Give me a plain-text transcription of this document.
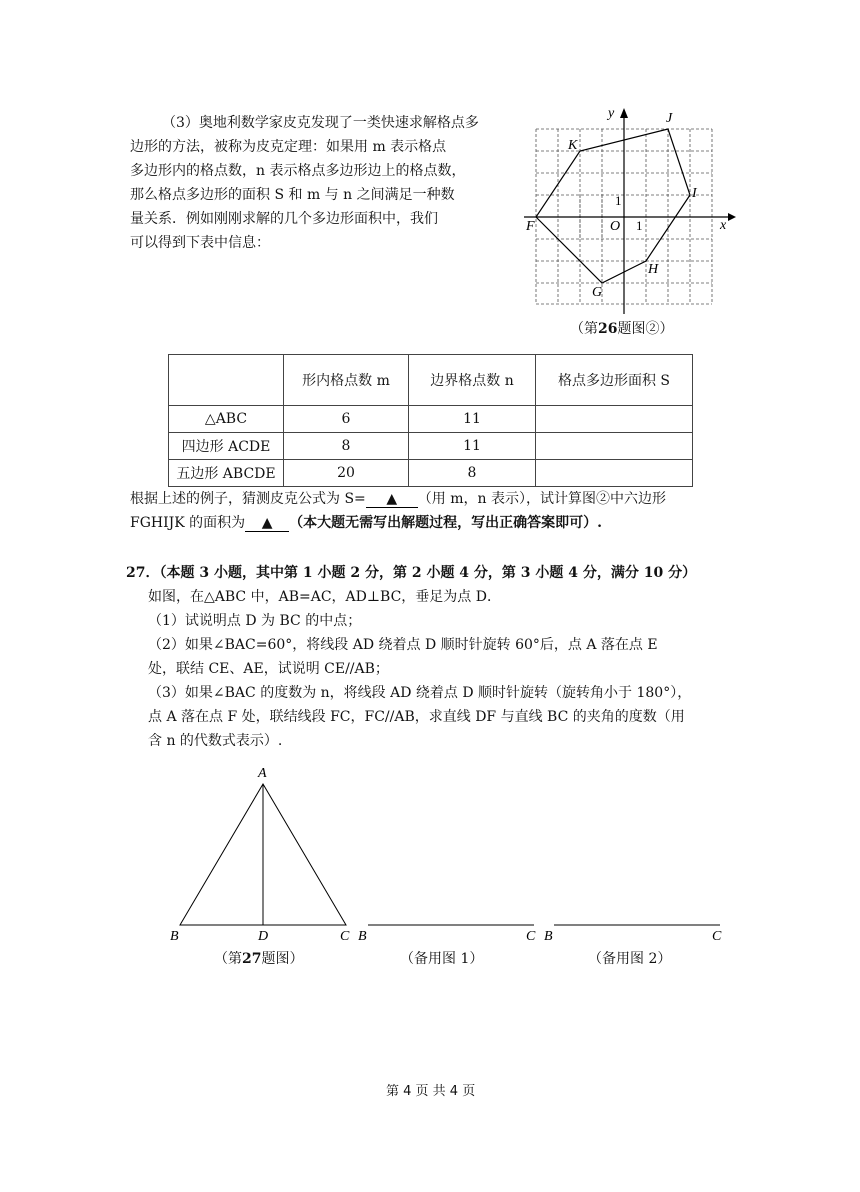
（3）奥地利数学家皮克发现了一类快速求解格点多
边形的方法，被称为皮克定理：如果用 m 表示格点
多边形内的格点数，n 表示格点多边形边上的格点数，
那么格点多边形的面积 S 和 m 与 n 之间满足一种数
量关系．例如刚刚求解的几个多边形面积中，我们
可以得到下表中信息：
y
x
O 1
1
F
G
H
I
J
K
（第26题图②）
	形内格点数 m	边界格点数 n	格点多边形面积 S
△ABC	6	11	
四边形 ACDE	8	11	
五边形 ABCDE	20	8	
根据上述的例子，猜测皮克公式为 S= ▲ （用 m，n 表示），试计算图②中六边形
FGHIJK 的面积为 ▲ （本大题无需写出解题过程，写出正确答案即可）.
27．（本题 3 小题，其中第 1 小题 2 分，第 2 小题 4 分，第 3 小题 4 分，满分 10 分）
如图，在△ABC 中，AB=AC，AD⊥BC，垂足为点 D．
（1）试说明点 D 为 BC 的中点；
（2）如果∠BAC=60°，将线段 AD 绕着点 D 顺时针旋转 60°后，点 A 落在点 E
处，联结 CE、AE，试说明 CE//AB；
（3）如果∠BAC 的度数为 n，将线段 AD 绕着点 D 顺时针旋转（旋转角小于 180°），
点 A 落在点 F 处，联结线段 FC，FC//AB，求直线 DF 与直线 BC 的夹角的度数（用
含 n 的代数式表示）.
A
B	D	C B	C B	C
（第27题图）	（备用图 1）	（备用图 2）
第 4 页 共 4 页
